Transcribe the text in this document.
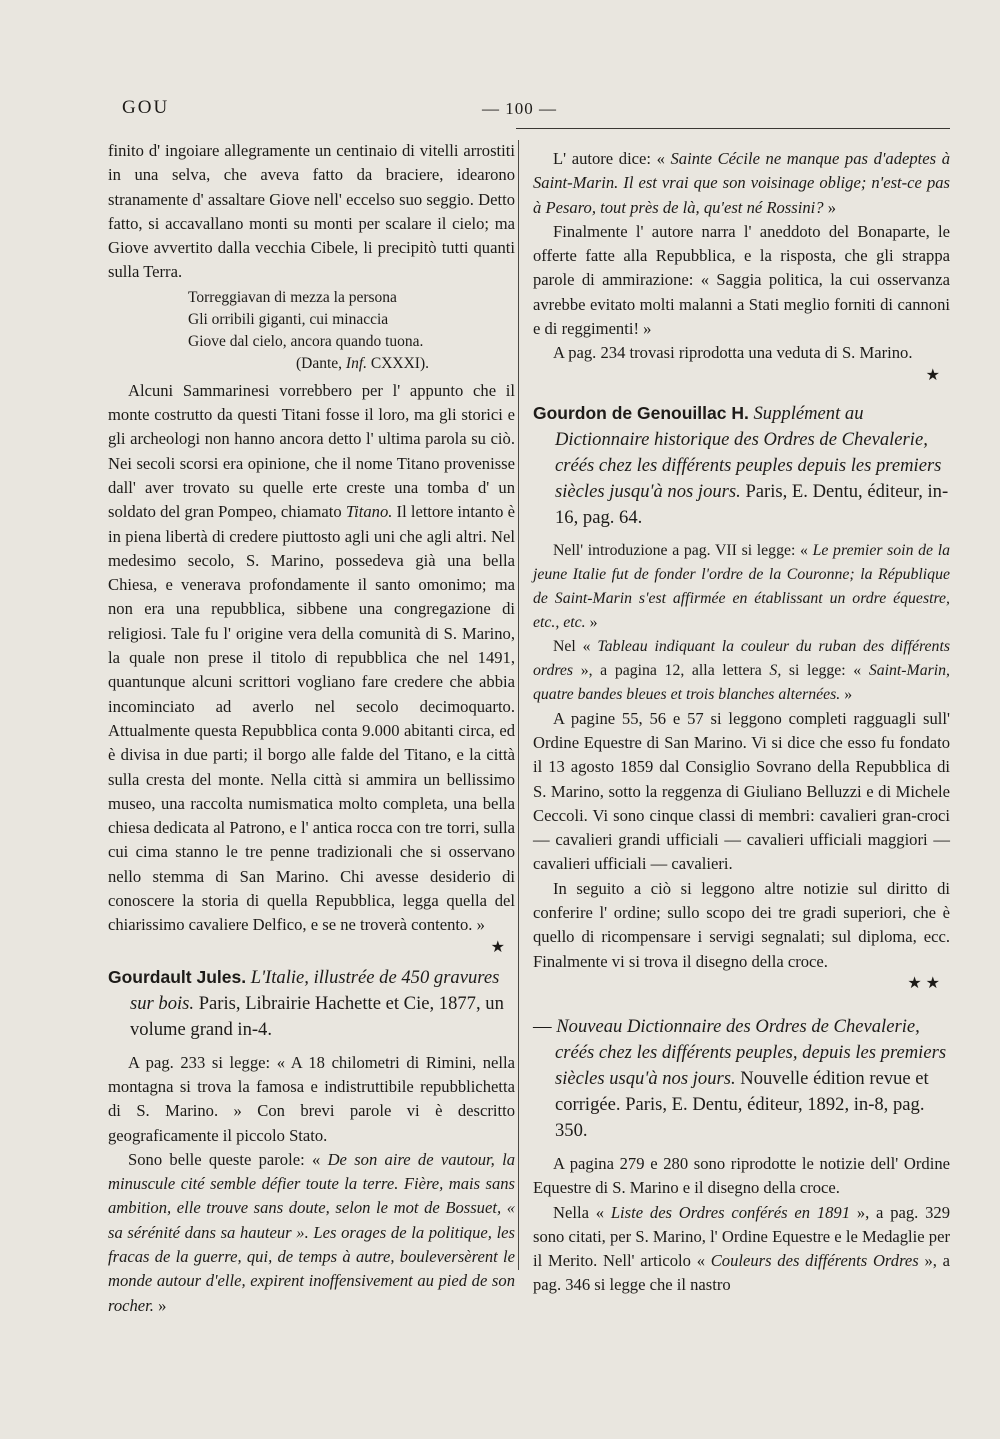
GOU	— 100 —

finito d' ingoiare allegramente un centinaio di vitelli arrostiti in una selva, che aveva fatto da braciere, idearono stranamente d' assaltare Giove nell' eccelso suo seggio. Detto fatto, si accavallano monti su monti per scalare il cielo; ma Giove avvertito dalla vecchia Cibele, li precipitò tutti quanti sulla Terra.

Torreggiavan di mezza la persona
Gli orribili giganti, cui minaccia
Giove dal cielo, ancora quando tuona.

(Dante, Inf. CXXXI).

Alcuni Sammarinesi vorrebbero per l' appunto che il monte costrutto da questi Titani fosse il loro, ma gli storici e gli archeologi non hanno ancora detto l' ultima parola su ciò. Nei secoli scorsi era opinione, che il nome Titano provenisse dall' aver trovato su quelle erte creste una tomba d' un soldato del gran Pompeo, chiamato Titano. Il lettore intanto è in piena libertà di credere piuttosto agli uni che agli altri. Nel medesimo secolo, S. Marino, possedeva già una bella Chiesa, e venerava profondamente il santo omonimo; ma non era una repubblica, sibbene una congregazione di religiosi. Tale fu l' origine vera della comunità di S. Marino, la quale non prese il titolo di repubblica che nel 1491, quantunque alcuni scrittori vogliano fare credere che abbia incominciato ad averlo nel secolo decimoquarto. Attualmente questa Repubblica conta 9.000 abitanti circa, ed è divisa in due parti; il borgo alle falde del Titano, e la città sulla cresta del monte. Nella città si ammira un bellissimo museo, una raccolta numismatica molto completa, una bella chiesa dedicata al Patrono, e l' antica rocca con tre torri, sulla cui cima stanno le tre penne tradizionali che si osservano nello stemma di San Marino. Chi avesse desiderio di conoscere la storia di quella Repubblica, legga quella del chiarissimo cavaliere Delfico, e se ne troverà contento. »

★

Gourdault Jules. L'Italie, illustrée de 450 gravures sur bois. Paris, Librairie Hachette et Cie, 1877, un volume grand in-4.

A pag. 233 si legge: « A 18 chilometri di Rimini, nella montagna si trova la famosa e indistruttibile repubblichetta di S. Marino. » Con brevi parole vi è descritto geograficamente il piccolo Stato.

Sono belle queste parole: « De son aire de vautour, la minuscule cité semble défier toute la terre. Fière, mais sans ambition, elle trouve sans doute, selon le mot de Bossuet, « sa sérénité dans sa hauteur ». Les orages de la politique, les fracas de la guerre, qui, de temps à autre, bouleversèrent le monde autour d'elle, expirent inoffensivement au pied de son rocher. »

L' autore dice: « Sainte Cécile ne manque pas d'adeptes à Saint-Marin. Il est vrai que son voisinage oblige; n'est-ce pas à Pesaro, tout près de là, qu'est né Rossini? »

Finalmente l' autore narra l' aneddoto del Bonaparte, le offerte fatte alla Repubblica, e la risposta, che gli strappa parole di ammirazione: « Saggia politica, la cui osservanza avrebbe evitato molti malanni a Stati meglio forniti di cannoni e di reggimenti! »

A pag. 234 trovasi riprodotta una veduta di S. Marino.

★

Gourdon de Genouillac H. Supplément au Dictionnaire historique des Ordres de Chevalerie, créés chez les différents peuples depuis les premiers siècles jusqu'à nos jours. Paris, E. Dentu, éditeur, in-16, pag. 64.

Nell' introduzione a pag. VII si legge: « Le premier soin de la jeune Italie fut de fonder l'ordre de la Couronne; la République de Saint-Marin s'est affirmée en établissant un ordre équestre, etc., etc. »

Nel « Tableau indiquant la couleur du ruban des différents ordres », a pagina 12, alla lettera S, si legge: « Saint-Marin, quatre bandes bleues et trois blanches alternées. »

A pagine 55, 56 e 57 si leggono completi ragguagli sull' Ordine Equestre di San Marino. Vi si dice che esso fu fondato il 13 agosto 1859 dal Consiglio Sovrano della Repubblica di S. Marino, sotto la reggenza di Giuliano Belluzzi e di Michele Ceccoli. Vi sono cinque classi di membri: cavalieri gran-croci — cavalieri grandi ufficiali — cavalieri ufficiali maggiori — cavalieri ufficiali — cavalieri.

In seguito a ciò si leggono altre notizie sul diritto di conferire l' ordine; sullo scopo dei tre gradi superiori, che è quello di ricompensare i servigi segnalati; sul diploma, ecc. Finalmente vi si trova il disegno della croce.

★ ★

— Nouveau Dictionnaire des Ordres de Chevalerie, créés chez les différents peuples, depuis les premiers siècles usqu'à nos jours. Nouvelle édition revue et corrigée. Paris, E. Dentu, éditeur, 1892, in-8, pag. 350.

A pagina 279 e 280 sono riprodotte le notizie dell' Ordine Equestre di S. Marino e il disegno della croce.

Nella « Liste des Ordres conférés en 1891 », a pag. 329 sono citati, per S. Marino, l' Ordine Equestre e le Medaglie per il Merito. Nell' articolo « Couleurs des différents Ordres », a pag. 346 si legge che il nastro
